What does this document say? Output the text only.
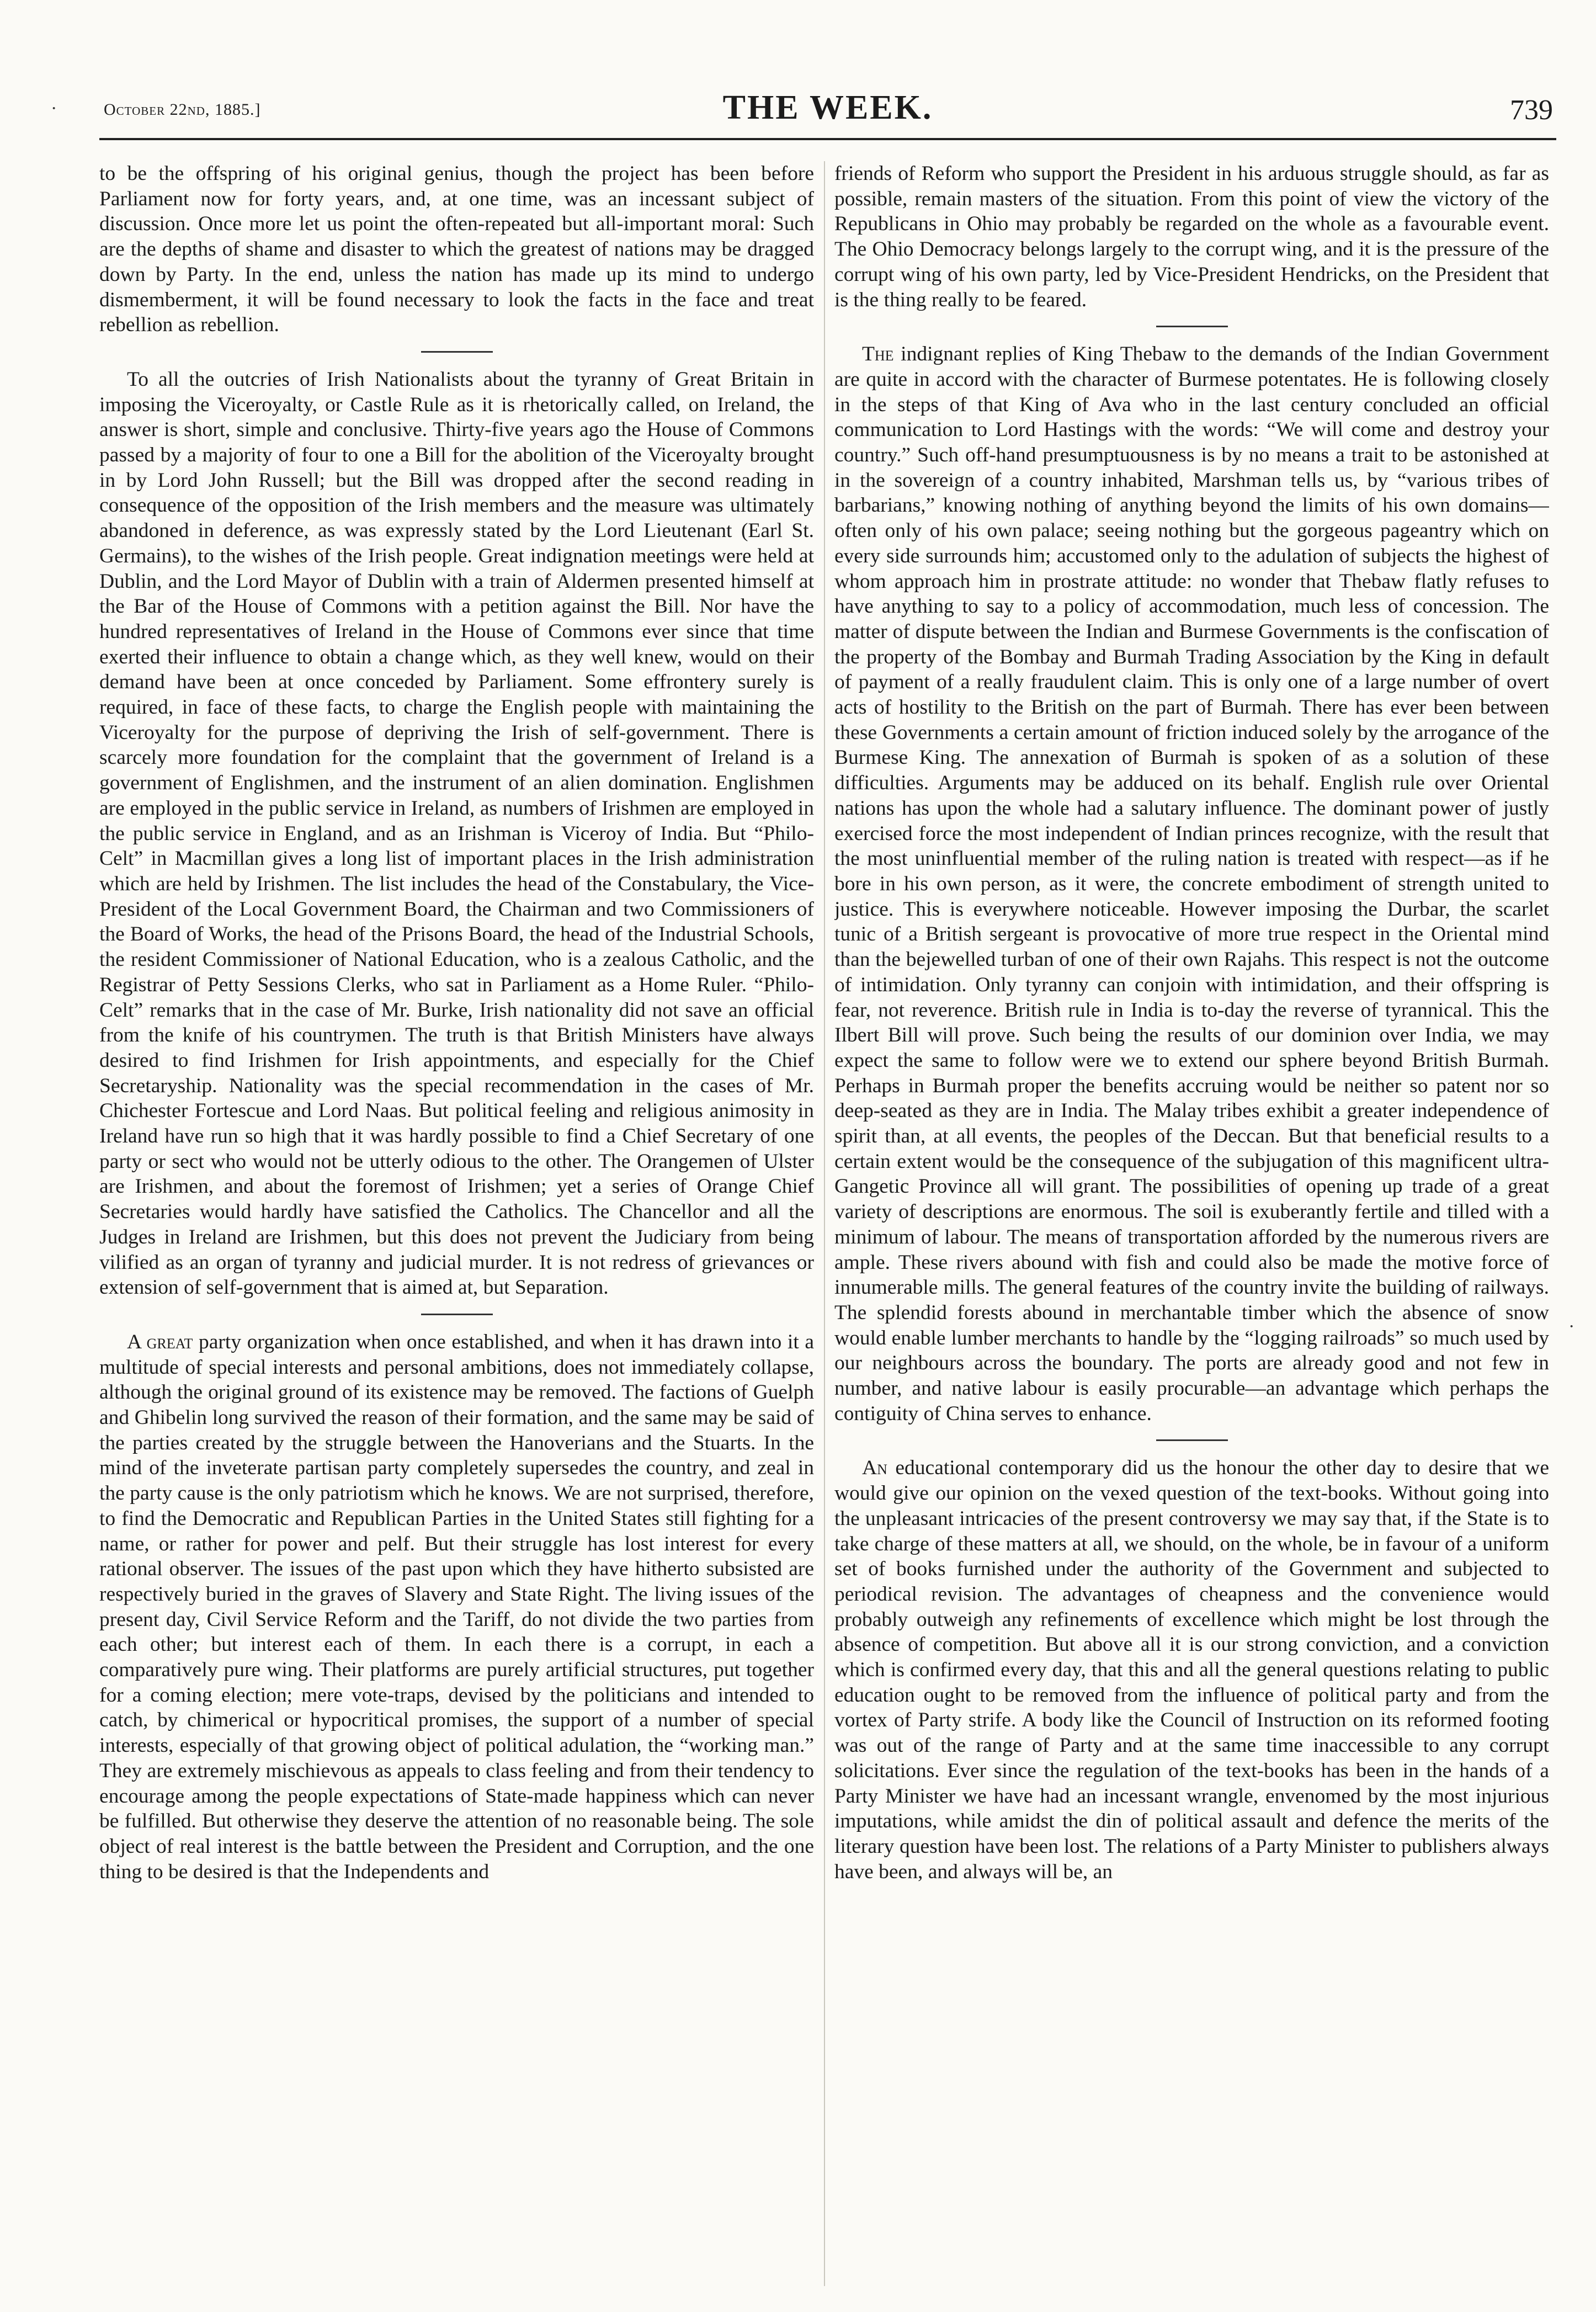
October 22nd, 1885.]	THE WEEK.	739

to be the offspring of his original genius, though the project has been before Parliament now for forty years, and, at one time, was an incessant subject of discussion. Once more let us point the often-repeated but all-important moral: Such are the depths of shame and disaster to which the greatest of nations may be dragged down by Party. In the end, unless the nation has made up its mind to undergo dismemberment, it will be found necessary to look the facts in the face and treat rebellion as rebellion.

To all the outcries of Irish Nationalists about the tyranny of Great Britain in imposing the Viceroyalty, or Castle Rule as it is rhetorically called, on Ireland, the answer is short, simple and conclusive. Thirty-five years ago the House of Commons passed by a majority of four to one a Bill for the abolition of the Viceroyalty brought in by Lord John Russell; but the Bill was dropped after the second reading in consequence of the opposition of the Irish members and the measure was ultimately abandoned in deference, as was expressly stated by the Lord Lieutenant (Earl St. Germains), to the wishes of the Irish people. Great indignation meetings were held at Dublin, and the Lord Mayor of Dublin with a train of Aldermen presented himself at the Bar of the House of Commons with a petition against the Bill. Nor have the hundred representatives of Ireland in the House of Commons ever since that time exerted their influence to obtain a change which, as they well knew, would on their demand have been at once conceded by Parliament. Some effrontery surely is required, in face of these facts, to charge the English people with maintaining the Viceroyalty for the purpose of depriving the Irish of self-government. There is scarcely more foundation for the complaint that the government of Ireland is a government of Englishmen, and the instrument of an alien domination. Englishmen are employed in the public service in Ireland, as numbers of Irishmen are employed in the public service in England, and as an Irishman is Viceroy of India. But “Philo-Celt” in Macmillan gives a long list of important places in the Irish administration which are held by Irishmen. The list includes the head of the Constabulary, the Vice-President of the Local Government Board, the Chairman and two Commissioners of the Board of Works, the head of the Prisons Board, the head of the Industrial Schools, the resident Commissioner of National Education, who is a zealous Catholic, and the Registrar of Petty Sessions Clerks, who sat in Parliament as a Home Ruler. “Philo-Celt” remarks that in the case of Mr. Burke, Irish nationality did not save an official from the knife of his countrymen. The truth is that British Ministers have always desired to find Irishmen for Irish appointments, and especially for the Chief Secretaryship. Nationality was the special recommendation in the cases of Mr. Chichester Fortescue and Lord Naas. But political feeling and religious animosity in Ireland have run so high that it was hardly possible to find a Chief Secretary of one party or sect who would not be utterly odious to the other. The Orangemen of Ulster are Irishmen, and about the foremost of Irishmen; yet a series of Orange Chief Secretaries would hardly have satisfied the Catholics. The Chancellor and all the Judges in Ireland are Irishmen, but this does not prevent the Judiciary from being vilified as an organ of tyranny and judicial murder. It is not redress of grievances or extension of self-government that is aimed at, but Separation.

A great party organization when once established, and when it has drawn into it a multitude of special interests and personal ambitions, does not immediately collapse, although the original ground of its existence may be removed. The factions of Guelph and Ghibelin long survived the reason of their formation, and the same may be said of the parties created by the struggle between the Hanoverians and the Stuarts. In the mind of the inveterate partisan party completely supersedes the country, and zeal in the party cause is the only patriotism which he knows. We are not surprised, therefore, to find the Democratic and Republican Parties in the United States still fighting for a name, or rather for power and pelf. But their struggle has lost interest for every rational observer. The issues of the past upon which they have hitherto subsisted are respectively buried in the graves of Slavery and State Right. The living issues of the present day, Civil Service Reform and the Tariff, do not divide the two parties from each other; but interest each of them. In each there is a corrupt, in each a comparatively pure wing. Their platforms are purely artificial structures, put together for a coming election; mere vote-traps, devised by the politicians and intended to catch, by chimerical or hypocritical promises, the support of a number of special interests, especially of that growing object of political adulation, the “working man.” They are extremely mischievous as appeals to class feeling and from their tendency to encourage among the people expectations of State-made happiness which can never be fulfilled. But otherwise they deserve the attention of no reasonable being. The sole object of real interest is the battle between the President and Corruption, and the one thing to be desired is that the Independents and

friends of Reform who support the President in his arduous struggle should, as far as possible, remain masters of the situation. From this point of view the victory of the Republicans in Ohio may probably be regarded on the whole as a favourable event. The Ohio Democracy belongs largely to the corrupt wing, and it is the pressure of the corrupt wing of his own party, led by Vice-President Hendricks, on the President that is the thing really to be feared.

The indignant replies of King Thebaw to the demands of the Indian Government are quite in accord with the character of Burmese potentates. He is following closely in the steps of that King of Ava who in the last century concluded an official communication to Lord Hastings with the words: “We will come and destroy your country.” Such off-hand presumptuousness is by no means a trait to be astonished at in the sovereign of a country inhabited, Marshman tells us, by “various tribes of barbarians,” knowing nothing of anything beyond the limits of his own domains—often only of his own palace; seeing nothing but the gorgeous pageantry which on every side surrounds him; accustomed only to the adulation of subjects the highest of whom approach him in prostrate attitude: no wonder that Thebaw flatly refuses to have anything to say to a policy of accommodation, much less of concession. The matter of dispute between the Indian and Burmese Governments is the confiscation of the property of the Bombay and Burmah Trading Association by the King in default of payment of a really fraudulent claim. This is only one of a large number of overt acts of hostility to the British on the part of Burmah. There has ever been between these Governments a certain amount of friction induced solely by the arrogance of the Burmese King. The annexation of Burmah is spoken of as a solution of these difficulties. Arguments may be adduced on its behalf. English rule over Oriental nations has upon the whole had a salutary influence. The dominant power of justly exercised force the most independent of Indian princes recognize, with the result that the most uninfluential member of the ruling nation is treated with respect—as if he bore in his own person, as it were, the concrete embodiment of strength united to justice. This is everywhere noticeable. However imposing the Durbar, the scarlet tunic of a British sergeant is provocative of more true respect in the Oriental mind than the bejewelled turban of one of their own Rajahs. This respect is not the outcome of intimidation. Only tyranny can conjoin with intimidation, and their offspring is fear, not reverence. British rule in India is to-day the reverse of tyrannical. This the Ilbert Bill will prove. Such being the results of our dominion over India, we may expect the same to follow were we to extend our sphere beyond British Burmah. Perhaps in Burmah proper the benefits accruing would be neither so patent nor so deep-seated as they are in India. The Malay tribes exhibit a greater independence of spirit than, at all events, the peoples of the Deccan. But that beneficial results to a certain extent would be the consequence of the subjugation of this magnificent ultra-Gangetic Province all will grant. The possibilities of opening up trade of a great variety of descriptions are enormous. The soil is exuberantly fertile and tilled with a minimum of labour. The means of transportation afforded by the numerous rivers are ample. These rivers abound with fish and could also be made the motive force of innumerable mills. The general features of the country invite the building of railways. The splendid forests abound in merchantable timber which the absence of snow would enable lumber merchants to handle by the “logging railroads” so much used by our neighbours across the boundary. The ports are already good and not few in number, and native labour is easily procurable—an advantage which perhaps the contiguity of China serves to enhance.

An educational contemporary did us the honour the other day to desire that we would give our opinion on the vexed question of the text-books. Without going into the unpleasant intricacies of the present controversy we may say that, if the State is to take charge of these matters at all, we should, on the whole, be in favour of a uniform set of books furnished under the authority of the Government and subjected to periodical revision. The advantages of cheapness and the convenience would probably outweigh any refinements of excellence which might be lost through the absence of competition. But above all it is our strong conviction, and a conviction which is confirmed every day, that this and all the general questions relating to public education ought to be removed from the influence of political party and from the vortex of Party strife. A body like the Council of Instruction on its reformed footing was out of the range of Party and at the same time inaccessible to any corrupt solicitations. Ever since the regulation of the text-books has been in the hands of a Party Minister we have had an incessant wrangle, envenomed by the most injurious imputations, while amidst the din of political assault and defence the merits of the literary question have been lost. The relations of a Party Minister to publishers always have been, and always will be, an

·
·
